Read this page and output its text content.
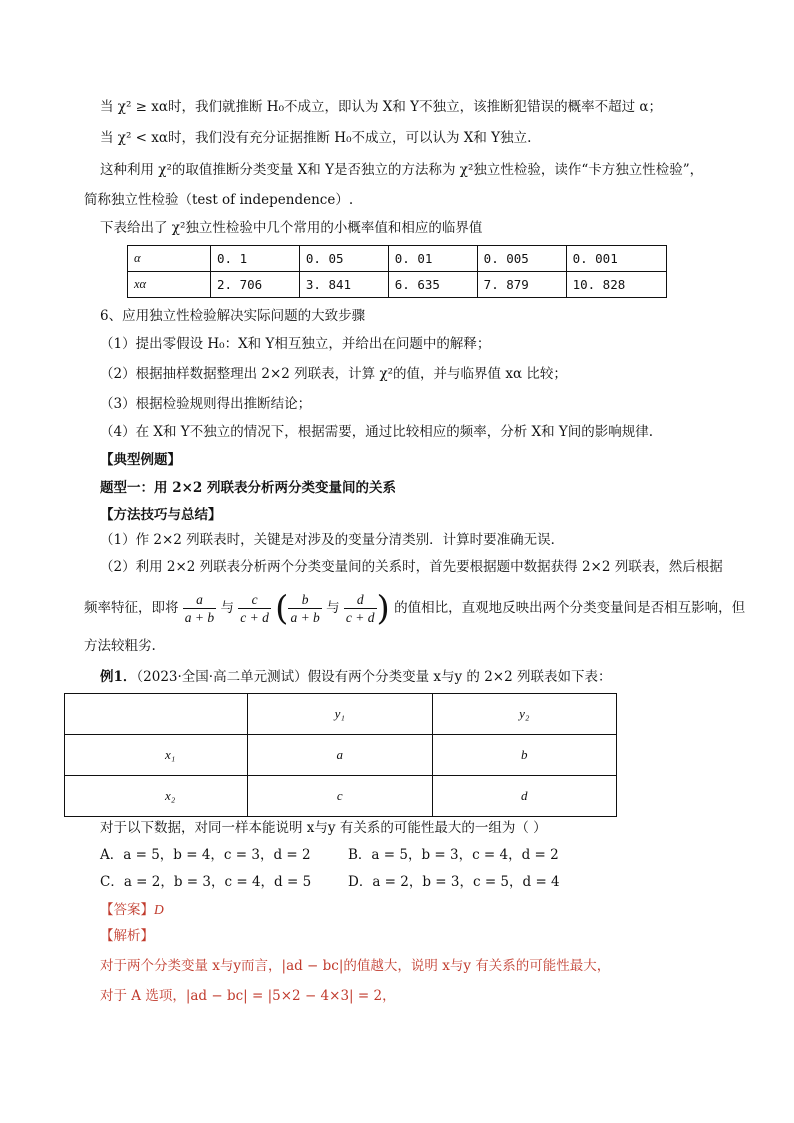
当 χ² ≥ xα时，我们就推断 H₀不成立，即认为 X和 Y不独立，该推断犯错误的概率不超过 α；
当 χ² < xα时，我们没有充分证据推断 H₀不成立，可以认为 X和 Y独立.
这种利用 χ²的取值推断分类变量 X和 Y是否独立的方法称为 χ²独立性检验，读作“卡方独立性检验”，
简称独立性检验（test of independence）.
下表给出了 χ²独立性检验中几个常用的小概率值和相应的临界值
α	0. 1	0. 05	0. 01	0. 005	0. 001
xα	2. 706	3. 841	6. 635	7. 879	10. 828
6、应用独立性检验解决实际问题的大致步骤
（1）提出零假设 H₀：X和 Y相互独立，并给出在问题中的解释；
（2）根据抽样数据整理出 2×2 列联表，计算 χ²的值，并与临界值 xα 比较；
（3）根据检验规则得出推断结论；
（4）在 X和 Y不独立的情况下，根据需要，通过比较相应的频率，分析 X和 Y间的影响规律.
【典型例题】
题型一：用 2×2 列联表分析两分类变量间的关系
【方法技巧与总结】
（1）作 2×2 列联表时，关键是对涉及的变量分清类别．计算时要准确无误．
（2）利用 2×2 列联表分析两个分类变量间的关系时，首先要根据题中数据获得 2×2 列联表，然后根据
频率特征，即将 $\frac{a}{a + b}$ 与 $\frac{c}{c + d}$ ( $\frac{b}{a + b}$ 与 $\frac{d}{c + d}$ ) 的值相比，直观地反映出两个分类变量间是否相互影响，但
方法较粗劣.
例1．（2023·全国·高二单元测试）假设有两个分类变量 x与y 的 2×2 列联表如下表：
	y₁	y₂
x₁	a	b
x₂	c	d
对于以下数据，对同一样本能说明 x与y 有关系的可能性最大的一组为（ ）
A．a = 5，b = 4，c = 3，d = 2	B．a = 5，b = 3，c = 4，d = 2
C．a = 2，b = 3，c = 4，d = 5	D．a = 2，b = 3，c = 5，d = 4
【答案】D
【解析】
对于两个分类变量 x与y而言，|ad − bc|的值越大，说明 x与y 有关系的可能性最大，
对于 A 选项，|ad − bc| = |5×2 − 4×3| = 2，
